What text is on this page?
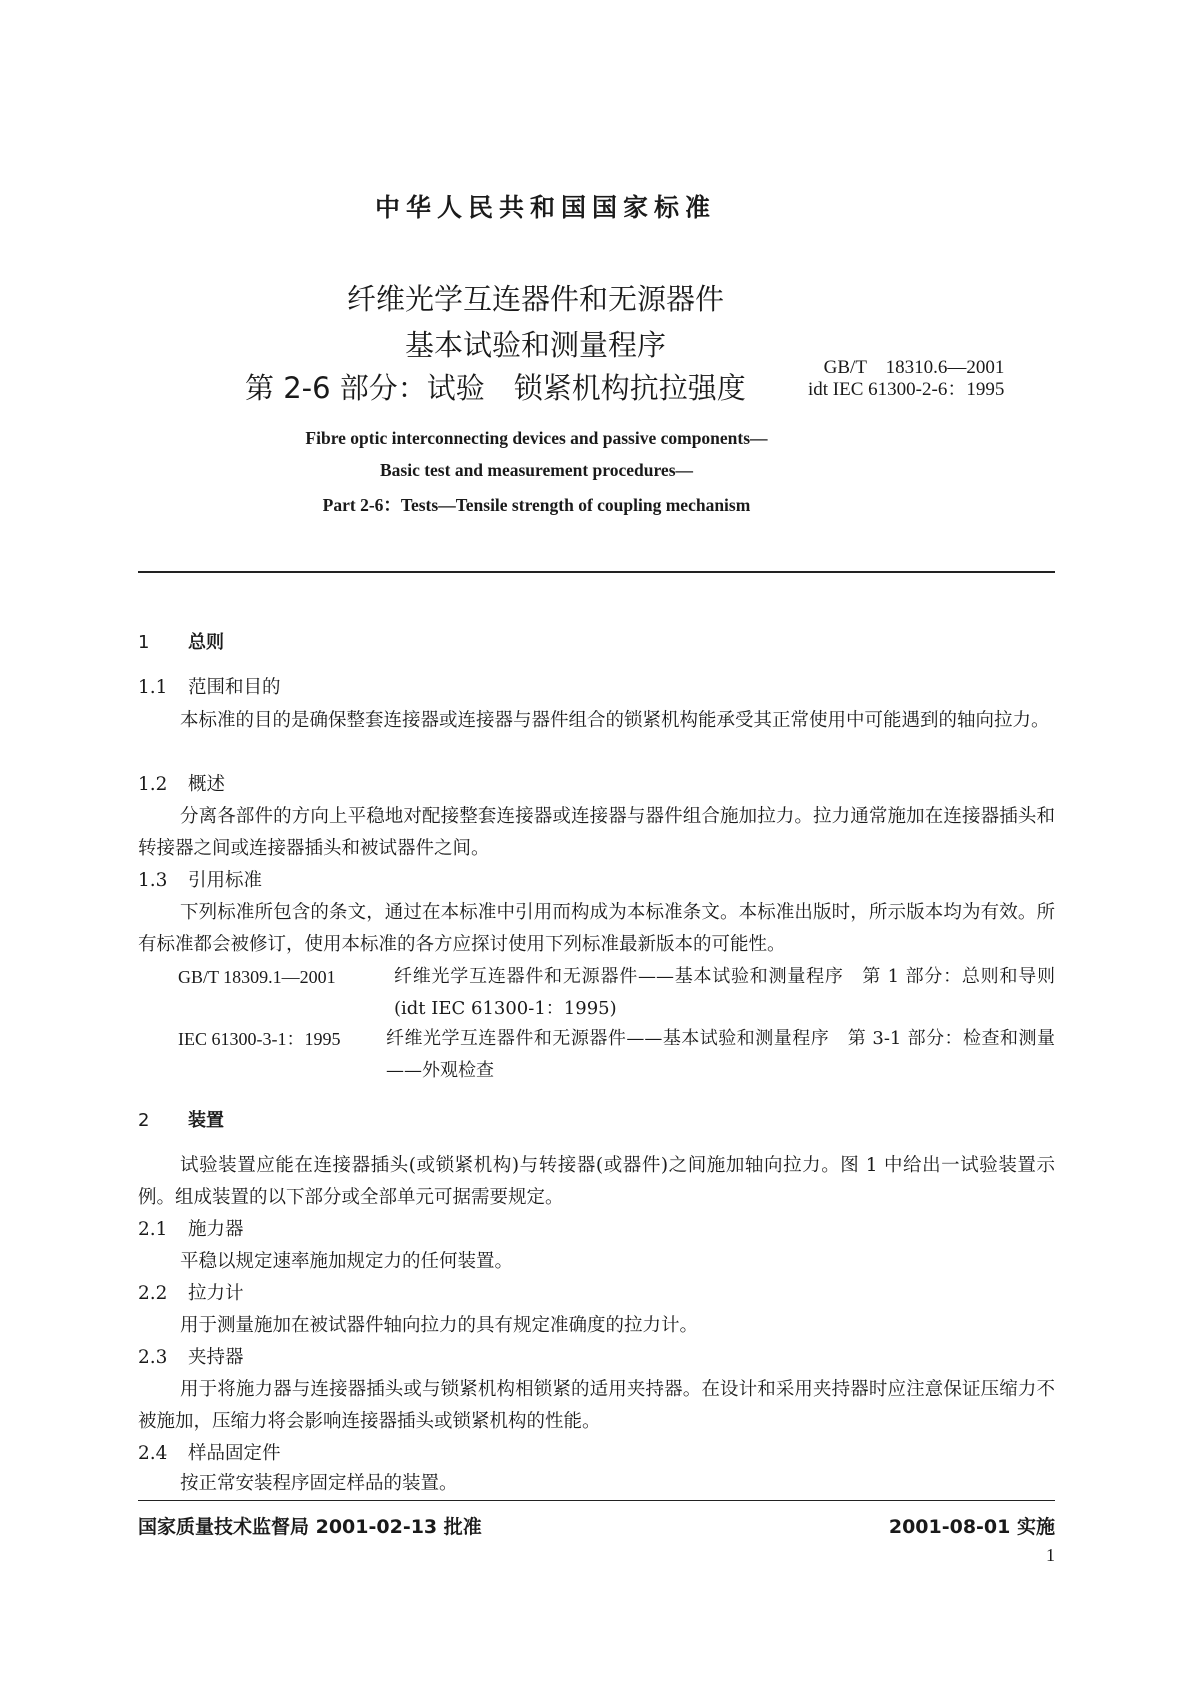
中华人民共和国国家标准
纤维光学互连器件和无源器件
基本试验和测量程序
第 2-6 部分：试验　锁紧机构抗拉强度
GB/T　18310.6—2001
idt IEC 61300-2-6：1995
Fibre optic interconnecting devices and passive components—
Basic test and measurement procedures—
Part 2-6：Tests—Tensile strength of coupling mechanism
1 总则
1.1 范围和目的
本标准的目的是确保整套连接器或连接器与器件组合的锁紧机构能承受其正常使用中可能遇到的轴向拉力。
1.2 概述
分离各部件的方向上平稳地对配接整套连接器或连接器与器件组合施加拉力。拉力通常施加在连接器插头和转接器之间或连接器插头和被试器件之间。
1.3 引用标准
下列标准所包含的条文，通过在本标准中引用而构成为本标准条文。本标准出版时，所示版本均为有效。所有标准都会被修订，使用本标准的各方应探讨使用下列标准最新版本的可能性。
GB/T 18309.1—2001	纤维光学互连器件和无源器件——基本试验和测量程序　第 1 部分：总则和导则(idt IEC 61300-1：1995)
IEC 61300-3-1：1995	纤维光学互连器件和无源器件——基本试验和测量程序　第 3-1 部分：检查和测量——外观检查
2 装置
试验装置应能在连接器插头(或锁紧机构)与转接器(或器件)之间施加轴向拉力。图 1 中给出一试验装置示例。组成装置的以下部分或全部单元可据需要规定。
2.1 施力器
平稳以规定速率施加规定力的任何装置。
2.2 拉力计
用于测量施加在被试器件轴向拉力的具有规定准确度的拉力计。
2.3 夹持器
用于将施力器与连接器插头或与锁紧机构相锁紧的适用夹持器。在设计和采用夹持器时应注意保证压缩力不被施加，压缩力将会影响连接器插头或锁紧机构的性能。
2.4 样品固定件
按正常安装程序固定样品的装置。
国家质量技术监督局 2001-02-13 批准	2001-08-01 实施
1
